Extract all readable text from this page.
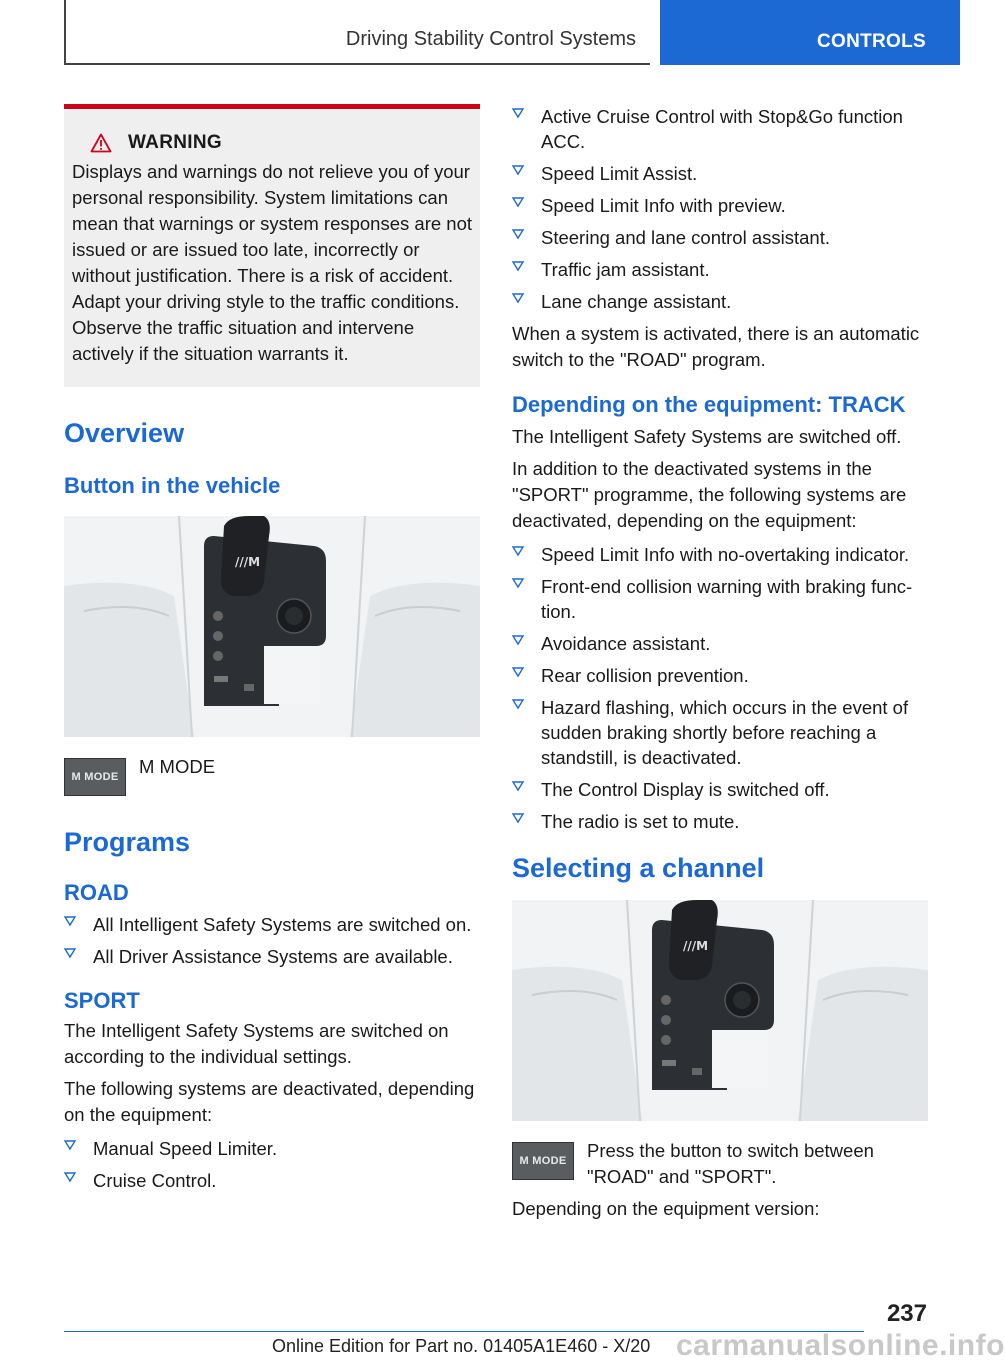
Driving Stability Control Systems	CONTROLS
WARNING

Displays and warnings do not relieve you of your personal responsibility. System limitations can mean that warnings or system responses are not issued or are issued too late, incorrectly or without justification. There is a risk of accident. Adapt your driving style to the traffic conditions. Observe the traffic situation and intervene actively if the situation warrants it.

Overview
Button in the vehicle
///M
M MODE	M MODE
Programs
ROAD
All Intelligent Safety Systems are switched on.
All Driver Assistance Systems are available.
SPORT

The Intelligent Safety Systems are switched on according to the individual settings.

The following systems are deactivated, depending on the equipment:

Manual Speed Limiter.
Cruise Control.
Active Cruise Control with Stop&Go function ACC.
Speed Limit Assist.
Speed Limit Info with preview.
Steering and lane control assistant.
Traffic jam assistant.
Lane change assistant.

When a system is activated, there is an automatic switch to the "ROAD" program.

Depending on the equipment: TRACK

The Intelligent Safety Systems are switched off.

In addition to the deactivated systems in the "SPORT" programme, the following systems are deactivated, depending on the equipment:

Speed Limit Info with no-overtaking indicator.
Front-end collision warning with braking function.
Avoidance assistant.
Rear collision prevention.
Hazard flashing, which occurs in the event of sudden braking shortly before reaching a standstill, is deactivated.
The Control Display is switched off.
The radio is set to mute.
Selecting a channel
///M
M MODE	Press the button to switch between "ROAD" and "SPORT".

Depending on the equipment version:

237
Online Edition for Part no. 01405A1E460 - X/20 carmanualsonline.info
